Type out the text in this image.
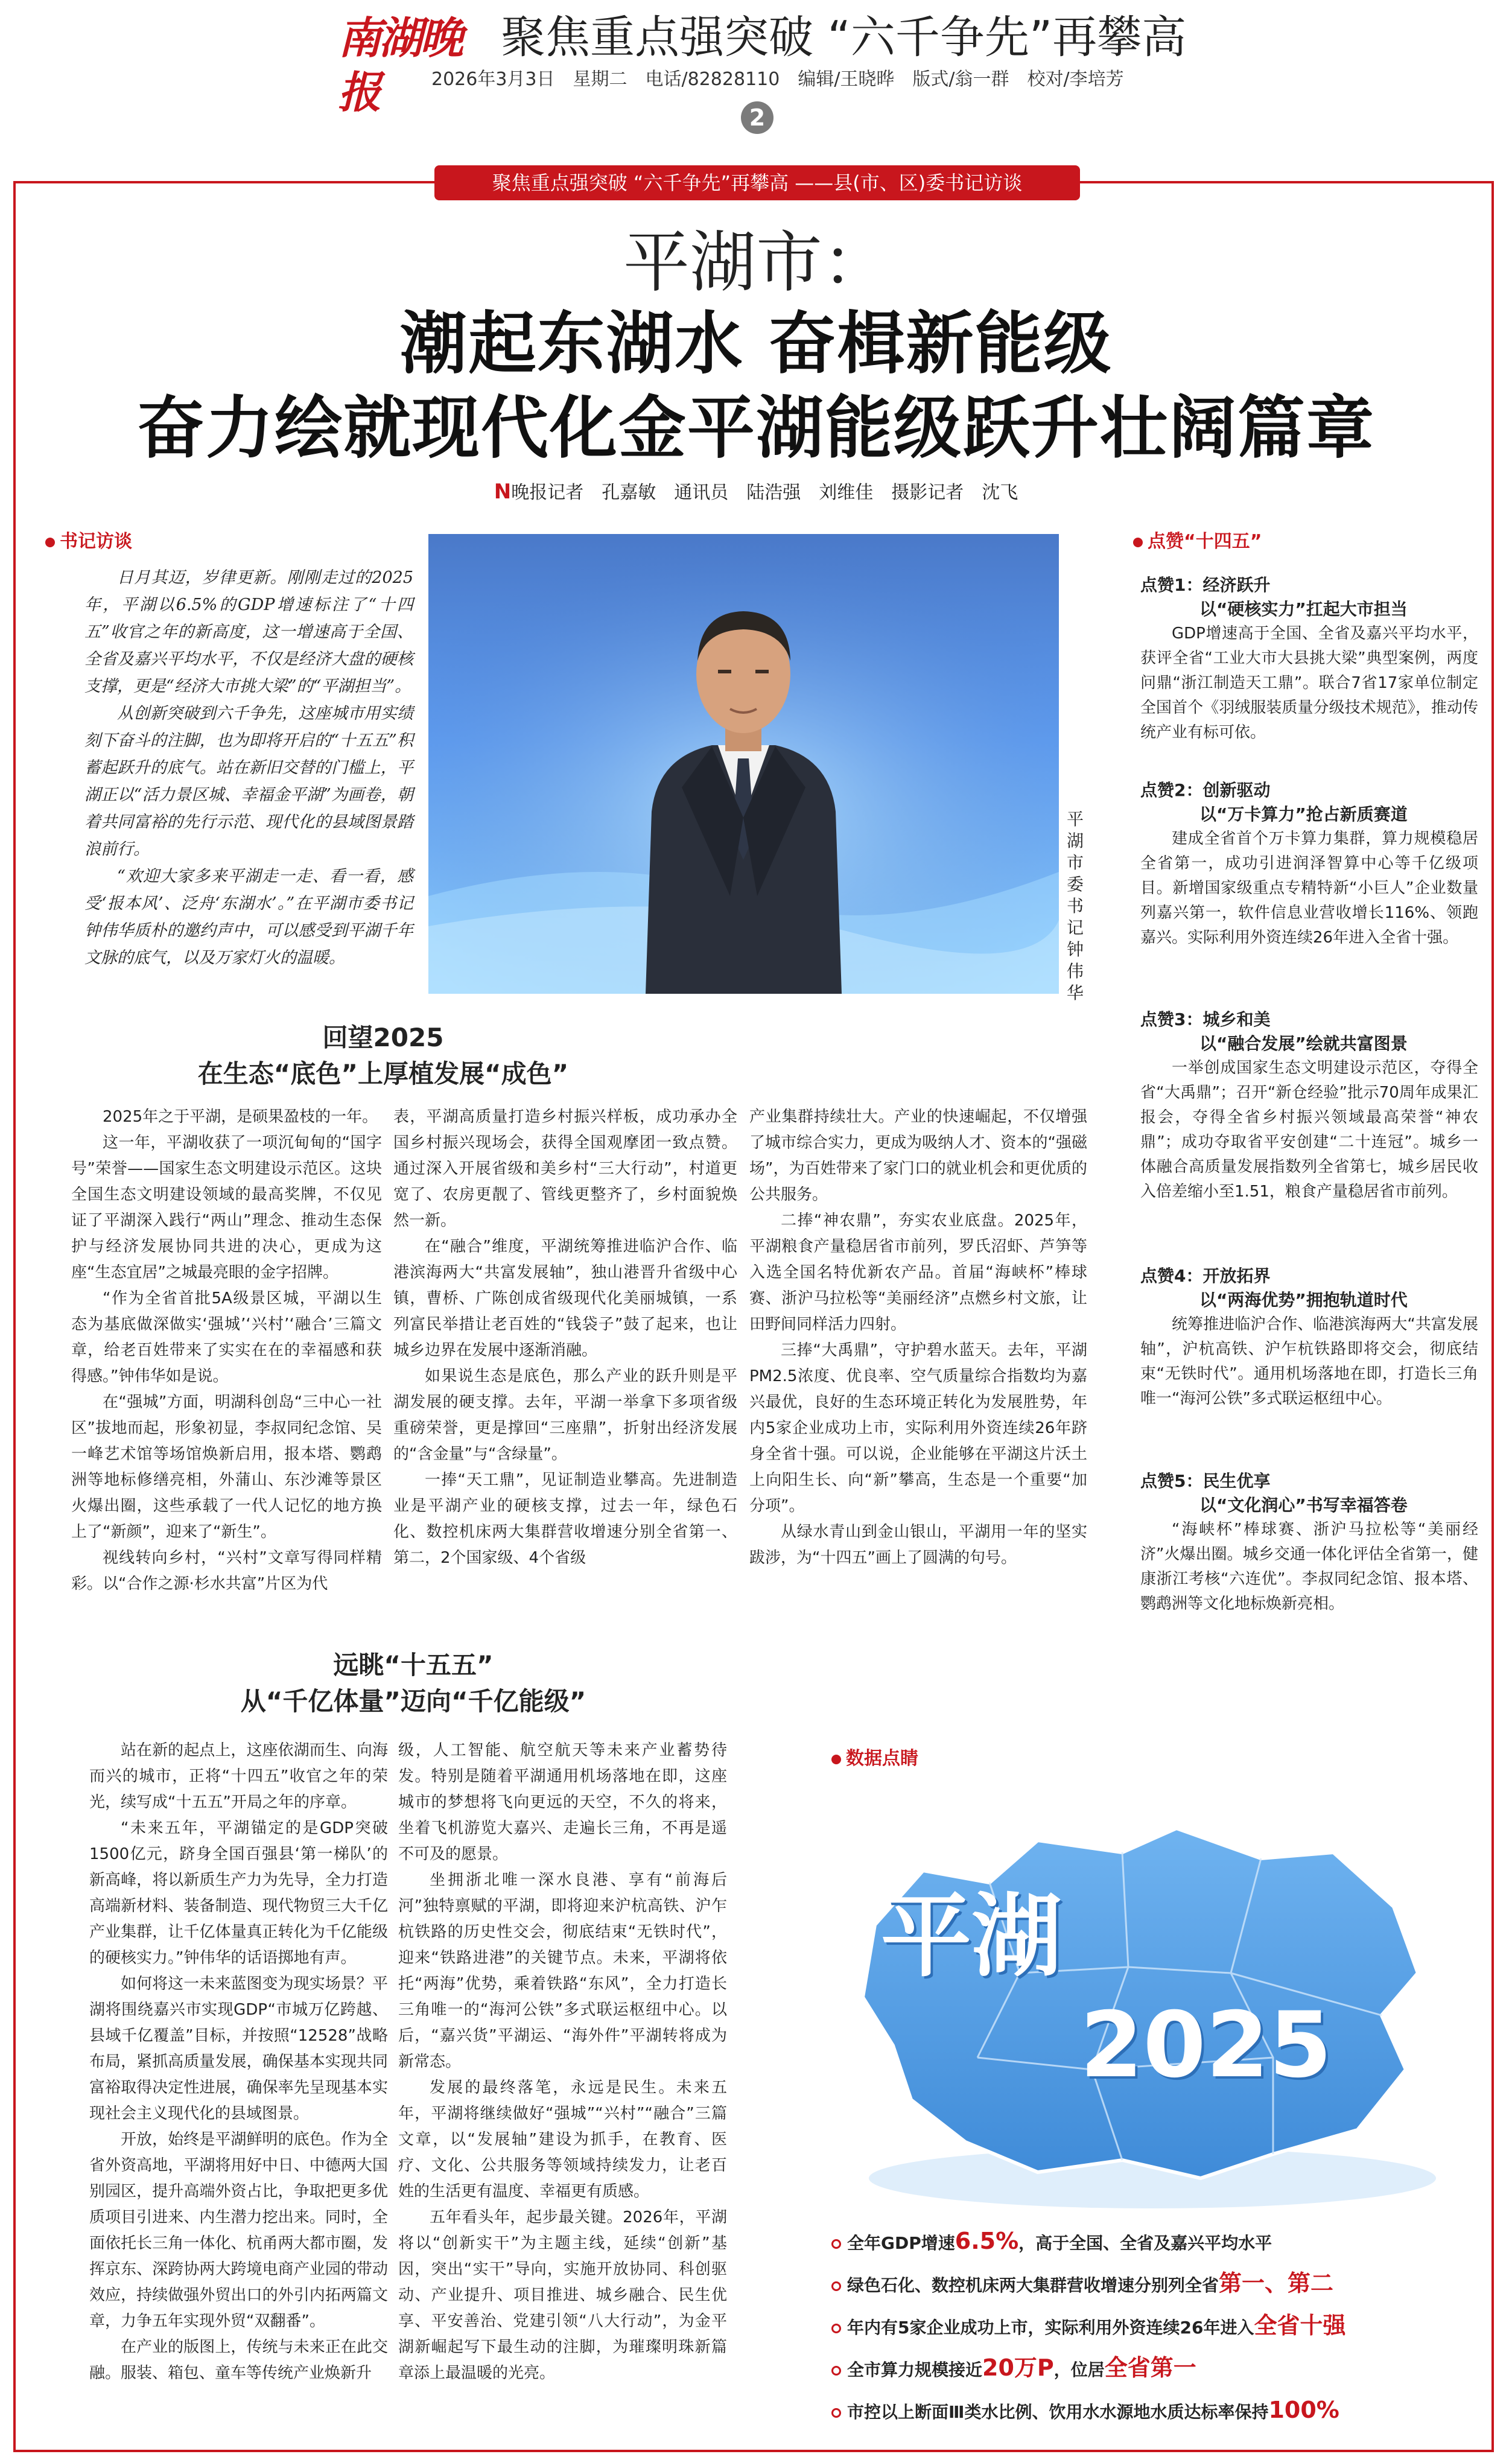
南湖晚报
聚焦重点强突破 “六千争先”再攀高
2026年3月3日　星期二　电话/82828110　编辑/王晓晔　版式/翁一群　校对/李培芳
2
聚焦重点强突破 “六千争先”再攀高 ——县(市、区)委书记访谈
平湖市：
潮起东湖水 奋楫新能级
奋力绘就现代化金平湖能级跃升壮阔篇章
N晚报记者　孔嘉敏　通讯员　陆浩强　刘维佳　摄影记者　沈飞
书记访谈

日月其迈，岁律更新。刚刚走过的2025年，平湖以6.5%的GDP增速标注了“十四五”收官之年的新高度，这一增速高于全国、全省及嘉兴平均水平，不仅是经济大盘的硬核支撑，更是“经济大市挑大梁”的“平湖担当”。

从创新突破到六千争先，这座城市用实绩刻下奋斗的注脚，也为即将开启的“十五五”积蓄起跃升的底气。站在新旧交替的门槛上，平湖正以“活力景区城、幸福金平湖”为画卷，朝着共同富裕的先行示范、现代化的县域图景踏浪前行。

“欢迎大家多来平湖走一走、看一看，感受‘报本风’、泛舟‘东湖水’。”在平湖市委书记钟伟华质朴的邀约声中，可以感受到平湖千年文脉的底气，以及万家灯火的温暖。

平湖市委书记　钟伟华
回望2025
在生态“底色”上厚植发展“成色”

2025年之于平湖，是硕果盈枝的一年。

这一年，平湖收获了一项沉甸甸的“国字号”荣誉——国家生态文明建设示范区。这块全国生态文明建设领域的最高奖牌，不仅见证了平湖深入践行“两山”理念、推动生态保护与经济发展协同共进的决心，更成为这座“生态宜居”之城最亮眼的金字招牌。

“作为全省首批5A级景区城，平湖以生态为基底做深做实‘强城’‘兴村’‘融合’三篇文章，给老百姓带来了实实在在的幸福感和获得感。”钟伟华如是说。

在“强城”方面，明湖科创岛“三中心一社区”拔地而起，形象初显，李叔同纪念馆、吴一峰艺术馆等场馆焕新启用，报本塔、鹦鹉洲等地标修缮亮相，外蒲山、东沙滩等景区火爆出圈，这些承载了一代人记忆的地方换上了“新颜”，迎来了“新生”。

视线转向乡村，“兴村”文章写得同样精彩。以“合作之源·杉水共富”片区为代

表，平湖高质量打造乡村振兴样板，成功承办全国乡村振兴现场会，获得全国观摩团一致点赞。通过深入开展省级和美乡村“三大行动”，村道更宽了、农房更靓了、管线更整齐了，乡村面貌焕然一新。

在“融合”维度，平湖统筹推进临沪合作、临港滨海两大“共富发展轴”，独山港晋升省级中心镇，曹桥、广陈创成省级现代化美丽城镇，一系列富民举措让老百姓的“钱袋子”鼓了起来，也让城乡边界在发展中逐渐消融。

如果说生态是底色，那么产业的跃升则是平湖发展的硬支撑。去年，平湖一举拿下多项省级重磅荣誉，更是撑回“三座鼎”，折射出经济发展的“含金量”与“含绿量”。

一捧“天工鼎”，见证制造业攀高。先进制造业是平湖产业的硬核支撑，过去一年，绿色石化、数控机床两大集群营收增速分别全省第一、第二，2个国家级、4个省级

产业集群持续壮大。产业的快速崛起，不仅增强了城市综合实力，更成为吸纳人才、资本的“强磁场”，为百姓带来了家门口的就业机会和更优质的公共服务。

二捧“神农鼎”，夯实农业底盘。2025年，平湖粮食产量稳居省市前列，罗氏沼虾、芦笋等入选全国名特优新农产品。首届“海峡杯”棒球赛、浙沪马拉松等“美丽经济”点燃乡村文旅，让田野间同样活力四射。

三捧“大禹鼎”，守护碧水蓝天。去年，平湖PM2.5浓度、优良率、空气质量综合指数均为嘉兴最优，良好的生态环境正转化为发展胜势，年内5家企业成功上市，实际利用外资连续26年跻身全省十强。可以说，企业能够在平湖这片沃土上向阳生长、向“新”攀高，生态是一个重要“加分项”。

从绿水青山到金山银山，平湖用一年的坚实跋涉，为“十四五”画上了圆满的句号。

远眺“十五五”
从“千亿体量”迈向“千亿能级”

站在新的起点上，这座依湖而生、向海而兴的城市，正将“十四五”收官之年的荣光，续写成“十五五”开局之年的序章。

“未来五年，平湖锚定的是GDP突破1500亿元，跻身全国百强县‘第一梯队’的新高峰，将以新质生产力为先导，全力打造高端新材料、装备制造、现代物贸三大千亿产业集群，让千亿体量真正转化为千亿能级的硬核实力。”钟伟华的话语掷地有声。

如何将这一未来蓝图变为现实场景？平湖将围绕嘉兴市实现GDP“市城万亿跨越、县域千亿覆盖”目标，并按照“12528”战略布局，紧抓高质量发展，确保基本实现共同富裕取得决定性进展，确保率先呈现基本实现社会主义现代化的县域图景。

开放，始终是平湖鲜明的底色。作为全省外资高地，平湖将用好中日、中德两大国别园区，提升高端外资占比，争取把更多优质项目引进来、内生潜力挖出来。同时，全面依托长三角一体化、杭甬两大都市圈，发挥京东、深跨协两大跨境电商产业园的带动效应，持续做强外贸出口的外引内拓两篇文章，力争五年实现外贸“双翻番”。

在产业的版图上，传统与未来正在此交融。服装、箱包、童车等传统产业焕新升

级，人工智能、航空航天等未来产业蓄势待发。特别是随着平湖通用机场落地在即，这座城市的梦想将飞向更远的天空，不久的将来，坐着飞机游览大嘉兴、走遍长三角，不再是遥不可及的愿景。

坐拥浙北唯一深水良港、享有“前海后河”独特禀赋的平湖，即将迎来沪杭高铁、沪乍杭铁路的历史性交会，彻底结束“无铁时代”，迎来“铁路进港”的关键节点。未来，平湖将依托“两海”优势，乘着铁路“东风”，全力打造长三角唯一的“海河公铁”多式联运枢纽中心。以后，“嘉兴货”平湖运、“海外件”平湖转将成为新常态。

发展的最终落笔，永远是民生。未来五年，平湖将继续做好“强城”“兴村”“融合”三篇文章，以“发展轴”建设为抓手，在教育、医疗、文化、公共服务等领域持续发力，让老百姓的生活更有温度、幸福更有质感。

五年看头年，起步最关键。2026年，平湖将以“创新实干”为主题主线，延续“创新”基因，突出“实干”导向，实施开放协同、科创驱动、产业提升、项目推进、城乡融合、民生优享、平安善治、党建引领“八大行动”，为金平湖新崛起写下最生动的注脚，为璀璨明珠新篇章添上最温暖的光亮。

点赞“十四五”
点赞1：经济跃升
以“硬核实力”扛起大市担当

GDP增速高于全国、全省及嘉兴平均水平，获评全省“工业大市大县挑大梁”典型案例，两度问鼎“浙江制造天工鼎”。联合7省17家单位制定全国首个《羽绒服装质量分级技术规范》，推动传统产业有标可依。

点赞2：创新驱动
以“万卡算力”抢占新质赛道

建成全省首个万卡算力集群，算力规模稳居全省第一，成功引进润泽智算中心等千亿级项目。新增国家级重点专精特新“小巨人”企业数量列嘉兴第一，软件信息业营收增长116%、领跑嘉兴。实际利用外资连续26年进入全省十强。

点赞3：城乡和美
以“融合发展”绘就共富图景

一举创成国家生态文明建设示范区，夺得全省“大禹鼎”；召开“新仓经验”批示70周年成果汇报会，夺得全省乡村振兴领域最高荣誉“神农鼎”；成功夺取省平安创建“二十连冠”。城乡一体融合高质量发展指数列全省第七，城乡居民收入倍差缩小至1.51，粮食产量稳居省市前列。

点赞4：开放拓界
以“两海优势”拥抱轨道时代

统筹推进临沪合作、临港滨海两大“共富发展轴”，沪杭高铁、沪乍杭铁路即将交会，彻底结束“无铁时代”。通用机场落地在即，打造长三角唯一“海河公铁”多式联运枢纽中心。

点赞5：民生优享
以“文化润心”书写幸福答卷

“海峡杯”棒球赛、浙沪马拉松等“美丽经济”火爆出圈。城乡交通一体化评估全省第一，健康浙江考核“六连优”。李叔同纪念馆、报本塔、鹦鹉洲等文化地标焕新亮相。

数据点睛
平湖
2025
全年GDP增速6.5%，高于全国、全省及嘉兴平均水平
绿色石化、数控机床两大集群营收增速分别列全省第一、第二
年内有5家企业成功上市，实际利用外资连续26年进入全省十强
全市算力规模接近20万P，位居全省第一
市控以上断面Ⅲ类水比例、饮用水水源地水质达标率保持100%
